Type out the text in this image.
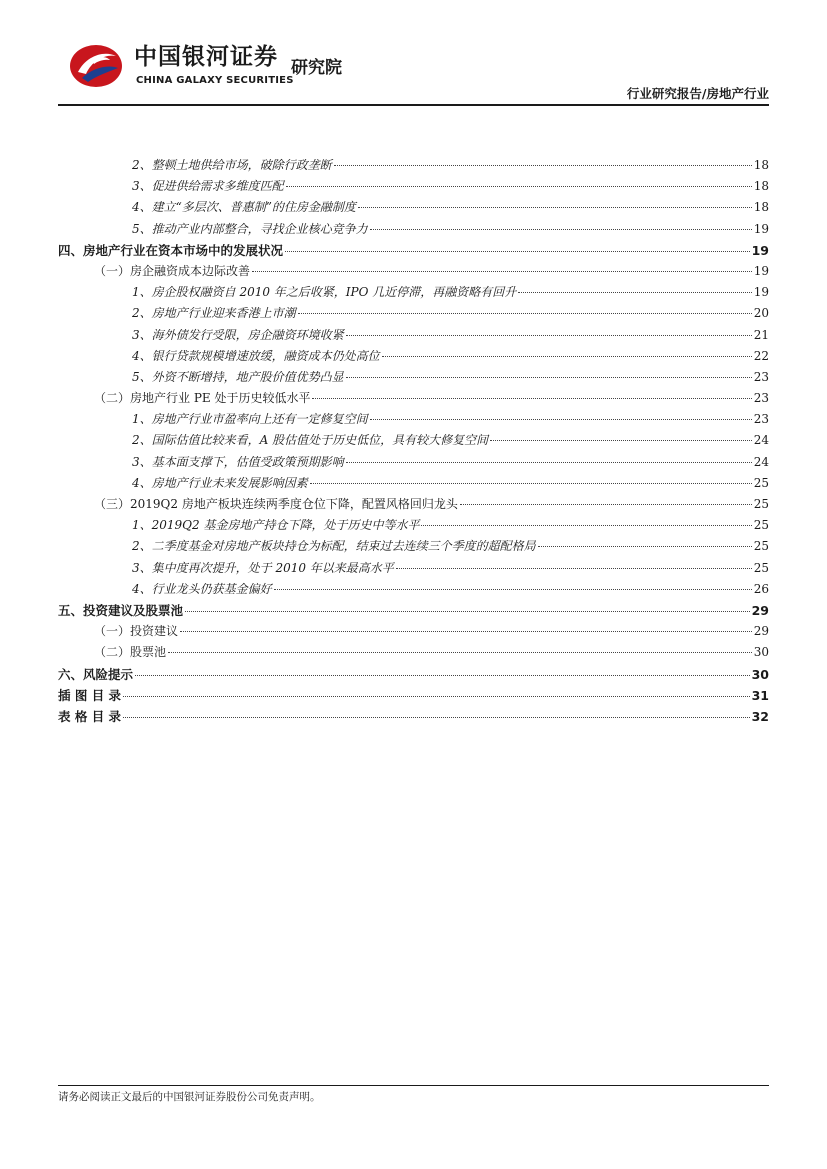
中国银河证券
CHINA GALAXY SECURITIES
研究院
行业研究报告/房地产行业
2、整顿土地供给市场，破除行政垄断	18
3、促进供给需求多维度匹配	18
4、建立“多层次、普惠制”的住房金融制度	18
5、推动产业内部整合，寻找企业核心竞争力	19
四、房地产行业在资本市场中的发展状况	19
（一）房企融资成本边际改善	19
1、房企股权融资自 2010 年之后收紧，IPO 几近停滞，再融资略有回升	19
2、房地产行业迎来香港上市潮	20
3、海外债发行受限，房企融资环境收紧	21
4、银行贷款规模增速放缓，融资成本仍处高位	22
5、外资不断增持，地产股价值优势凸显	23
（二）房地产行业 PE 处于历史较低水平	23
1、房地产行业市盈率向上还有一定修复空间	23
2、国际估值比较来看，A 股估值处于历史低位，具有较大修复空间	24
3、基本面支撑下，估值受政策预期影响	24
4、房地产行业未来发展影响因素	25
（三）2019Q2 房地产板块连续两季度仓位下降，配置风格回归龙头	25
1、2019Q2 基金房地产持仓下降，处于历史中等水平	25
2、二季度基金对房地产板块持仓为标配，结束过去连续三个季度的超配格局	25
3、集中度再次提升，处于 2010 年以来最高水平	25
4、行业龙头仍获基金偏好	26
五、投资建议及股票池	29
（一）投资建议	29
（二）股票池	30
六、风险提示	30
插 图 目 录	31
表 格 目 录	32
请务必阅读正文最后的中国银河证券股份公司免责声明。
